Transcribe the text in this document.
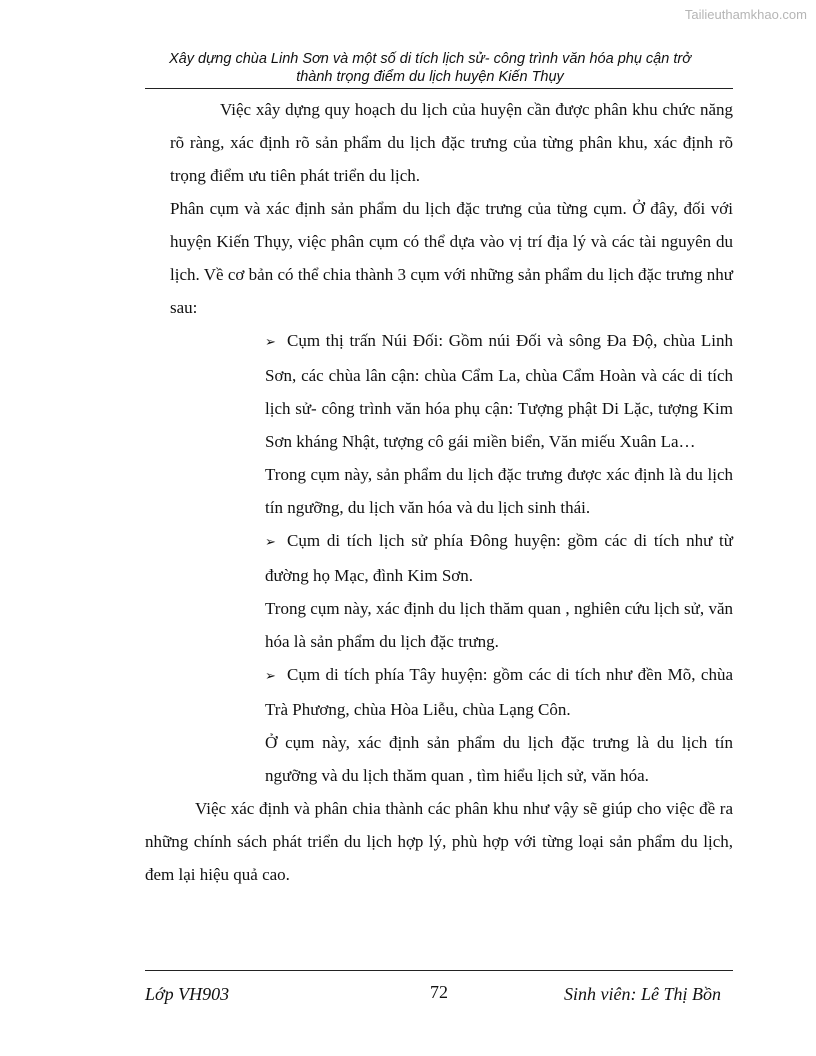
Tailieuthamkhao.com
Xây dựng chùa Linh Sơn và một số di tích lịch sử- công trình văn hóa phụ cận trở
thành trọng điểm du lịch huyện Kiến Thụy

Việc xây dựng quy hoạch du lịch của huyện cần được phân khu chức năng rõ ràng, xác định rõ sản phẩm du lịch đặc trưng của từng phân khu, xác định rõ trọng điểm ưu tiên phát triển du lịch.

Phân cụm và xác định sản phẩm du lịch đặc trưng của từng cụm. Ở đây, đối với huyện Kiến Thụy, việc phân cụm có thể dựa vào vị trí địa lý và các tài nguyên du lịch. Về cơ bản có thể chia thành 3 cụm với những sản phẩm du lịch đặc trưng như sau:

➢ Cụm thị trấn Núi Đối: Gồm núi Đối và sông Đa Độ, chùa Linh Sơn, các chùa lân cận: chùa Cẩm La, chùa Cẩm Hoàn và các di tích lịch sử- công trình văn hóa phụ cận: Tượng phật Di Lặc, tượng Kim Sơn kháng Nhật, tượng cô gái miền biển, Văn miếu Xuân La…

Trong cụm này, sản phẩm du lịch đặc trưng được xác định là du lịch tín ngưỡng, du lịch văn hóa và du lịch sinh thái.

➢ Cụm di tích lịch sử phía Đông huyện: gồm các di tích như từ đường họ Mạc, đình Kim Sơn.

Trong cụm này, xác định du lịch thăm quan , nghiên cứu lịch sử, văn hóa là sản phẩm du lịch đặc trưng.

➢ Cụm di tích phía Tây huyện: gồm các di tích như đền Mõ, chùa Trà Phương, chùa Hòa Liễu, chùa Lạng Côn.

Ở cụm này, xác định sản phẩm du lịch đặc trưng là du lịch tín ngưỡng và du lịch thăm quan , tìm hiểu lịch sử, văn hóa.

Việc xác định và phân chia thành các phân khu như vậy sẽ giúp cho việc đề ra những chính sách phát triển du lịch hợp lý, phù hợp với từng loại sản phẩm du lịch, đem lại hiệu quả cao.

Lớp VH903	72	Sinh viên: Lê Thị Bồn
